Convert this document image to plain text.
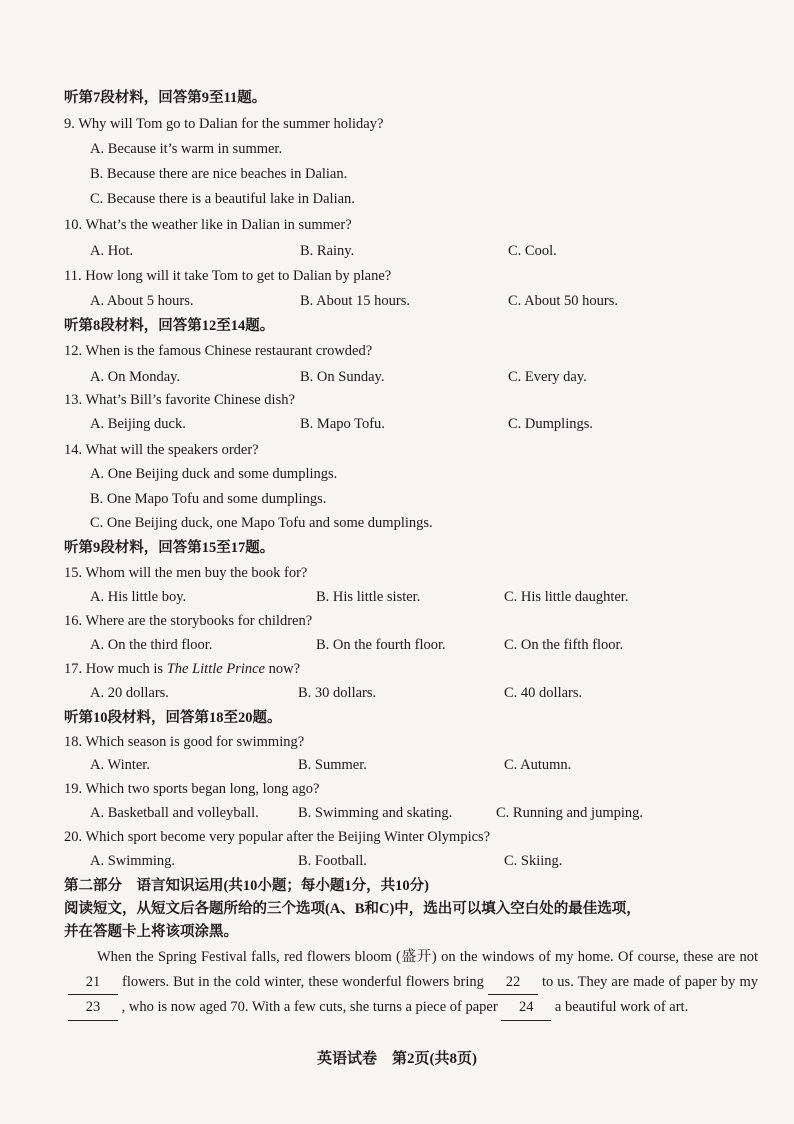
听第7段材料，回答第9至11题。
9. Why will Tom go to Dalian for the summer holiday?
A. Because it’s warm in summer.
B. Because there are nice beaches in Dalian.
C. Because there is a beautiful lake in Dalian.
10. What’s the weather like in Dalian in summer?
A. Hot.	B. Rainy.	C. Cool.
11. How long will it take Tom to get to Dalian by plane?
A. About 5 hours.	B. About 15 hours.	C. About 50 hours.
听第8段材料，回答第12至14题。
12. When is the famous Chinese restaurant crowded?
A. On Monday.	B. On Sunday.	C. Every day.
13. What’s Bill’s favorite Chinese dish?
A. Beijing duck.	B. Mapo Tofu.	C. Dumplings.
14. What will the speakers order?
A. One Beijing duck and some dumplings.
B. One Mapo Tofu and some dumplings.
C. One Beijing duck, one Mapo Tofu and some dumplings.
听第9段材料，回答第15至17题。
15. Whom will the men buy the book for?
A. His little boy.	B. His little sister.	C. His little daughter.
16. Where are the storybooks for children?
A. On the third floor.	B. On the fourth floor.	C. On the fifth floor.
17. How much is The Little Prince now?
A. 20 dollars.	B. 30 dollars.	C. 40 dollars.
听第10段材料，回答第18至20题。
18. Which season is good for swimming?
A. Winter.	B. Summer.	C. Autumn.
19. Which two sports began long, long ago?
A. Basketball and volleyball.	B. Swimming and skating.	C. Running and jumping.
20. Which sport become very popular after the Beijing Winter Olympics?
A. Swimming.	B. Football.	C. Skiing.
第二部分　语言知识运用(共10小题；每小题1分，共10分)
阅读短文，从短文后各题所给的三个选项(A、B和C)中，选出可以填入空白处的最佳选项，
并在答题卡上将该项涂黑。
When the Spring Festival falls, red flowers bloom (盛开) on the windows of my home. Of course, these are not 21 flowers. But in the cold winter, these wonderful flowers bring 22 to us. They are made of paper by my 23 , who is now aged 70. With a few cuts, she turns a piece of paper 24 a beautiful work of art.
英语试卷　第2页(共8页)
